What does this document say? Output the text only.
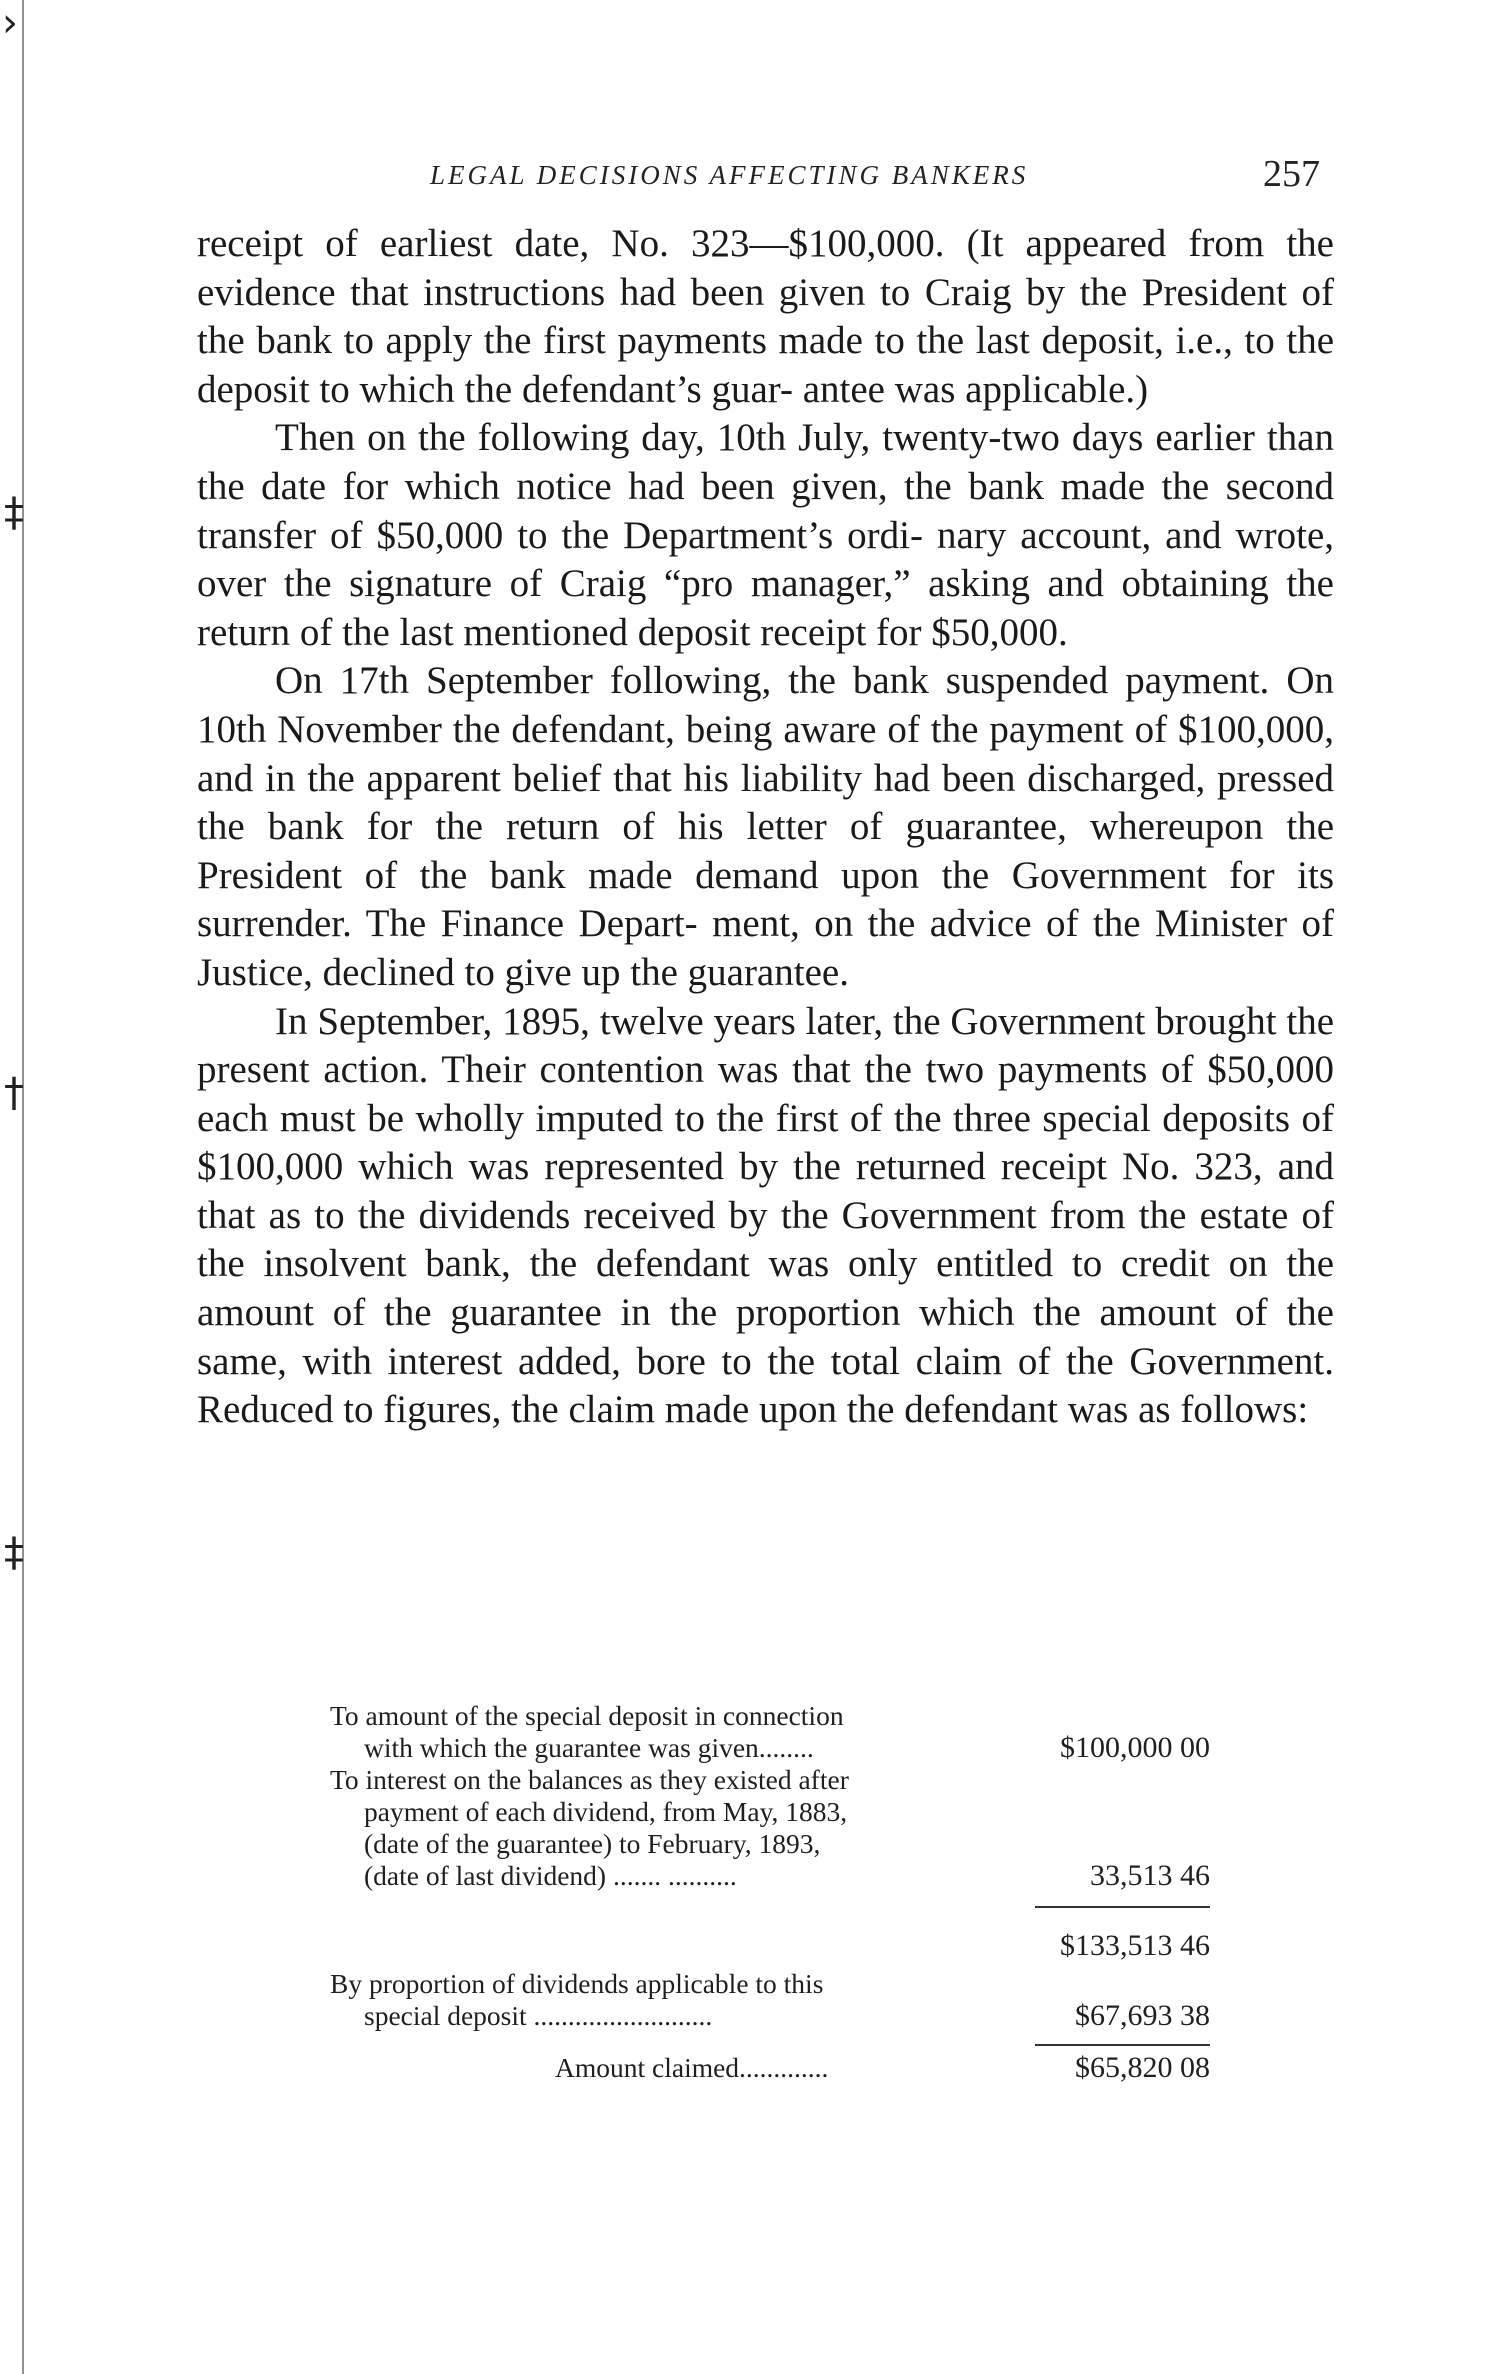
›
‡
†
‡
LEGAL DECISIONS AFFECTING BANKERS	257

receipt of earliest date, No. 323—$100,000. (It appeared from the evidence that instructions had been given to Craig by the President of the bank to apply the first payments made to the last deposit, i.e., to the deposit to which the defendant’s guar- antee was applicable.)

Then on the following day, 10th July, twenty-two days earlier than the date for which notice had been given, the bank made the second transfer of $50,000 to the Department’s ordi- nary account, and wrote, over the signature of Craig “pro manager,” asking and obtaining the return of the last mentioned deposit receipt for $50,000.

On 17th September following, the bank suspended payment. On 10th November the defendant, being aware of the payment of $100,000, and in the apparent belief that his liability had been discharged, pressed the bank for the return of his letter of guarantee, whereupon the President of the bank made demand upon the Government for its surrender. The Finance Depart- ment, on the advice of the Minister of Justice, declined to give up the guarantee.

In September, 1895, twelve years later, the Government brought the present action. Their contention was that the two payments of $50,000 each must be wholly imputed to the first of the three special deposits of $100,000 which was represented by the returned receipt No. 323, and that as to the dividends received by the Government from the estate of the insolvent bank, the defendant was only entitled to credit on the amount of the guarantee in the proportion which the amount of the same, with interest added, bore to the total claim of the Government. Reduced to figures, the claim made upon the defendant was as follows:

To amount of the special deposit in connection
with which the guarantee was given........	$100,000 00
To interest on the balances as they existed after
payment of each dividend, from May, 1883,
(date of the guarantee) to February, 1893,
(date of last dividend) ....... ..........	33,513 46
$133,513 46
By proportion of dividends applicable to this
special deposit ..........................	$67,693 38
Amount claimed.............	$65,820 08
